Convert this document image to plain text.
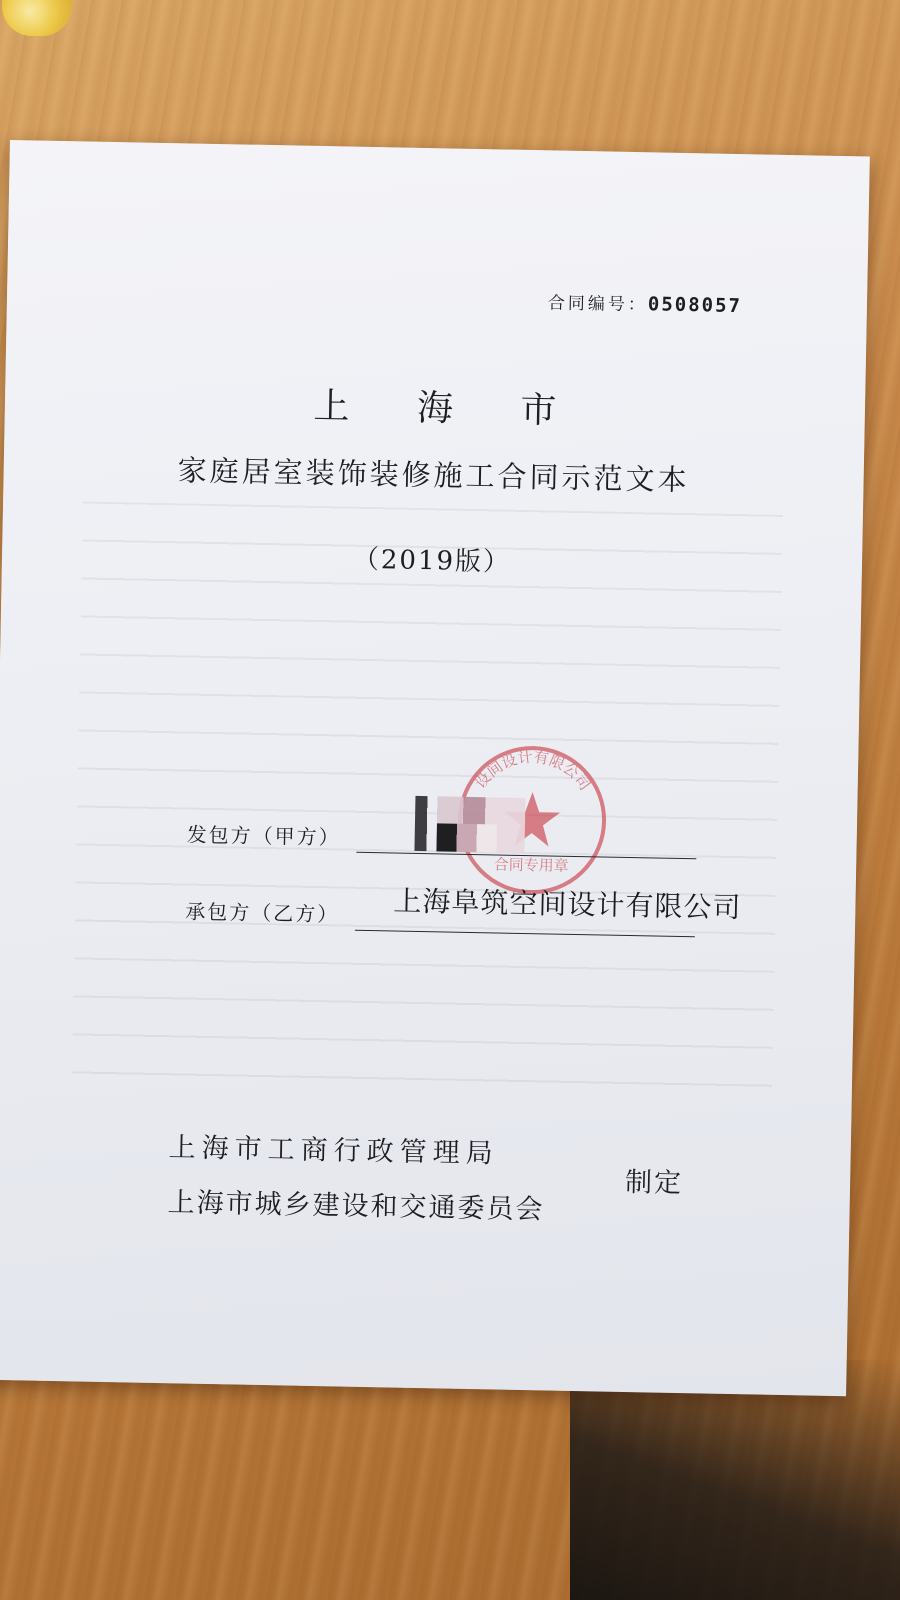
合同编号：0508057
上 海 市
家庭居室装饰装修施工合同示范文本
（2019版）
设间设计有限公司
合同专用章
发包方（甲方）
承包方（乙方） 上海阜筑空间设计有限公司
上海市工商行政管理局
上海市城乡建设和交通委员会
制定
